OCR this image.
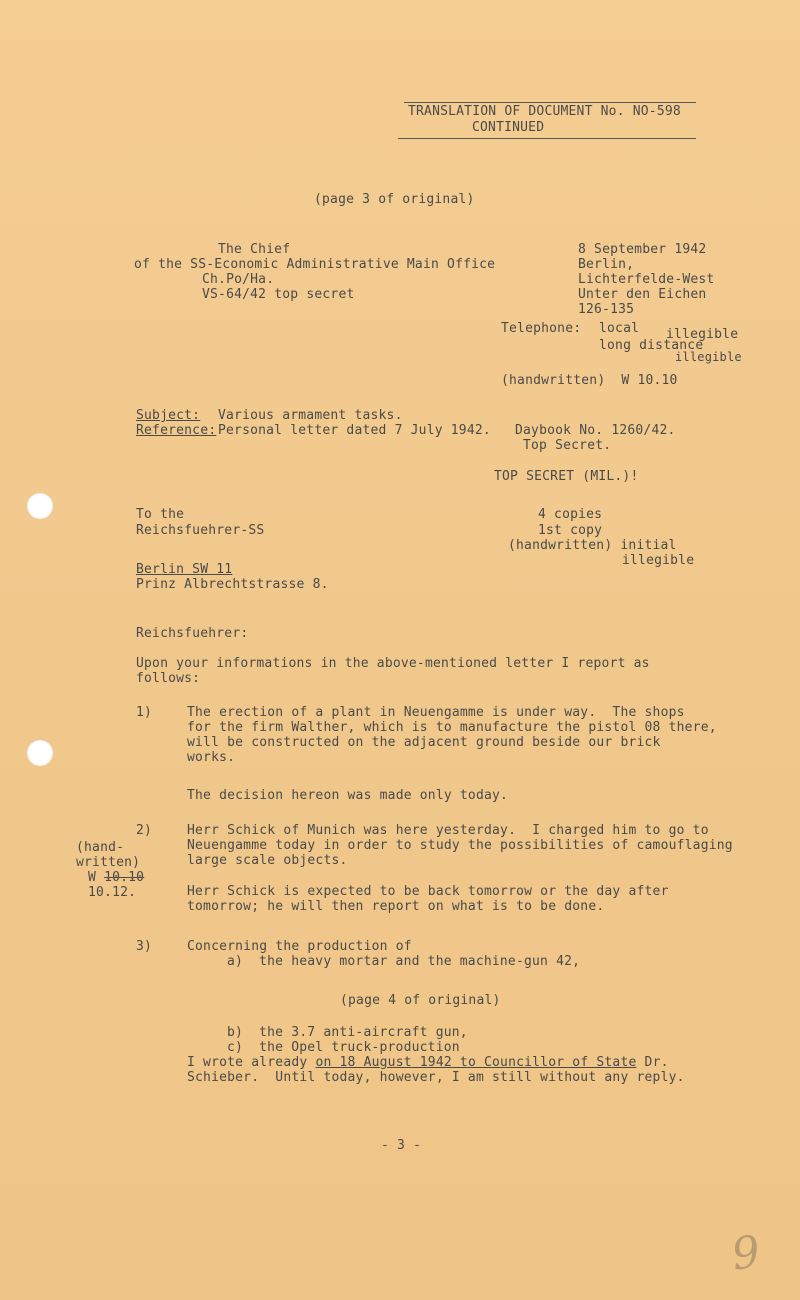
TRANSLATION OF DOCUMENT No. NO-598
CONTINUED
(page 3 of original)
The Chief
of the SS-Economic Administrative Main Office
Ch.Po/Ha.
VS-64/42 top secret
8 September 1942
Berlin,
Lichterfelde-West
Unter den Eichen
126-135
Telephone: local illegible
long distance
illegible
(handwritten)  W 10.10
Subject: Various armament tasks.
Reference: Personal letter dated 7 July 1942. Daybook No. 1260/42.
Top Secret.
TOP SECRET (MIL.)!
To the
Reichsfuehrer-SS
Berlin SW 11
Prinz Albrechtstrasse 8.
4 copies
1st copy
(handwritten) initial
illegible
Reichsfuehrer:
Upon your informations in the above-mentioned letter I report as
follows:
1)	The erection of a plant in Neuengamme is under way.  The shops
for the firm Walther, which is to manufacture the pistol 08 there,
will be constructed on the adjacent ground beside our brick
works.
The decision hereon was made only today.
2)	Herr Schick of Munich was here yesterday.  I charged him to go to
Neuengamme today in order to study the possibilities of camouflaging
large scale objects.
Herr Schick is expected to be back tomorrow or the day after
tomorrow; he will then report on what is to be done.
(hand-
written)
W 10.10
10.12.
3)	Concerning the production of
a)  the heavy mortar and the machine-gun 42,
(page 4 of original)
b)  the 3.7 anti-aircraft gun,
c)  the Opel truck-production
I wrote already on 18 August 1942 to Councillor of State Dr.
Schieber.  Until today, however, I am still without any reply.
- 3 -
9
